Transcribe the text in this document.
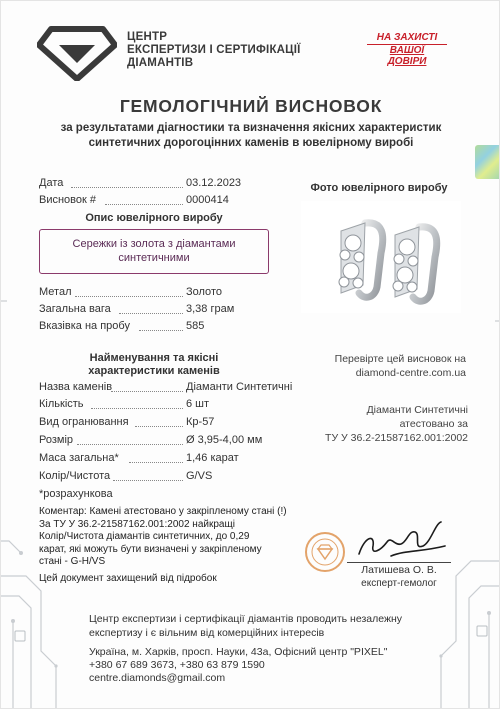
ЦЕНТР
ЕКСПЕРТИЗИ І СЕРТИФІКАЦІЇ
ДІАМАНТІВ
НА ЗАХИСТІ
ВАШОЇ
ДОВІРИ
ГЕМОЛОГІЧНИЙ ВИСНОВОК
за результатами діагностики та визначення якісних характеристик
синтетичних дорогоцінних каменів в ювелірному виробі
Дата	03.12.2023
Висновок #	0000414
Опис ювелірного виробу
Сережки із золота з діамантами
синтетичними
Фото ювелірного виробу
Метал	Золото
Загальна вага	3,38 грам
Вказівка на пробу	585
Найменування та якісні
характеристики каменів
Назва каменів	Діаманти Синтетичні
Кількість	6 шт
Вид огранювання	Кр-57
Розмір	Ø 3,95-4,00 мм
Маса загальна*	1,46 карат
Колір/Чистота	G/VS
*розрахункова
Перевірте цей висновок на
diamond-centre.com.ua
Діаманти Синтетичні
атестовано за
ТУ У 36.2-21587162.001:2002
Коментар: Камені атестовано у закріпленому стані (!)
За ТУ У 36.2-21587162.001:2002 найкращі
Колір/Чистота діамантів синтетичних, до 0,29
карат, які можуть бути визначені у закріпленому
стані - G-H/VS
Цей документ захищений від підробок
Латишева О. В.
експерт-гемолог
Центр експертизи і сертифікації діамантів проводить незалежну
експертизу і є вільним від комерційних інтересів
Україна, м. Харків, просп. Науки, 43а, Офісний центр "PIXEL"
+380 67 689 3673, +380 63 879 1590
centre.diamonds@gmail.com
